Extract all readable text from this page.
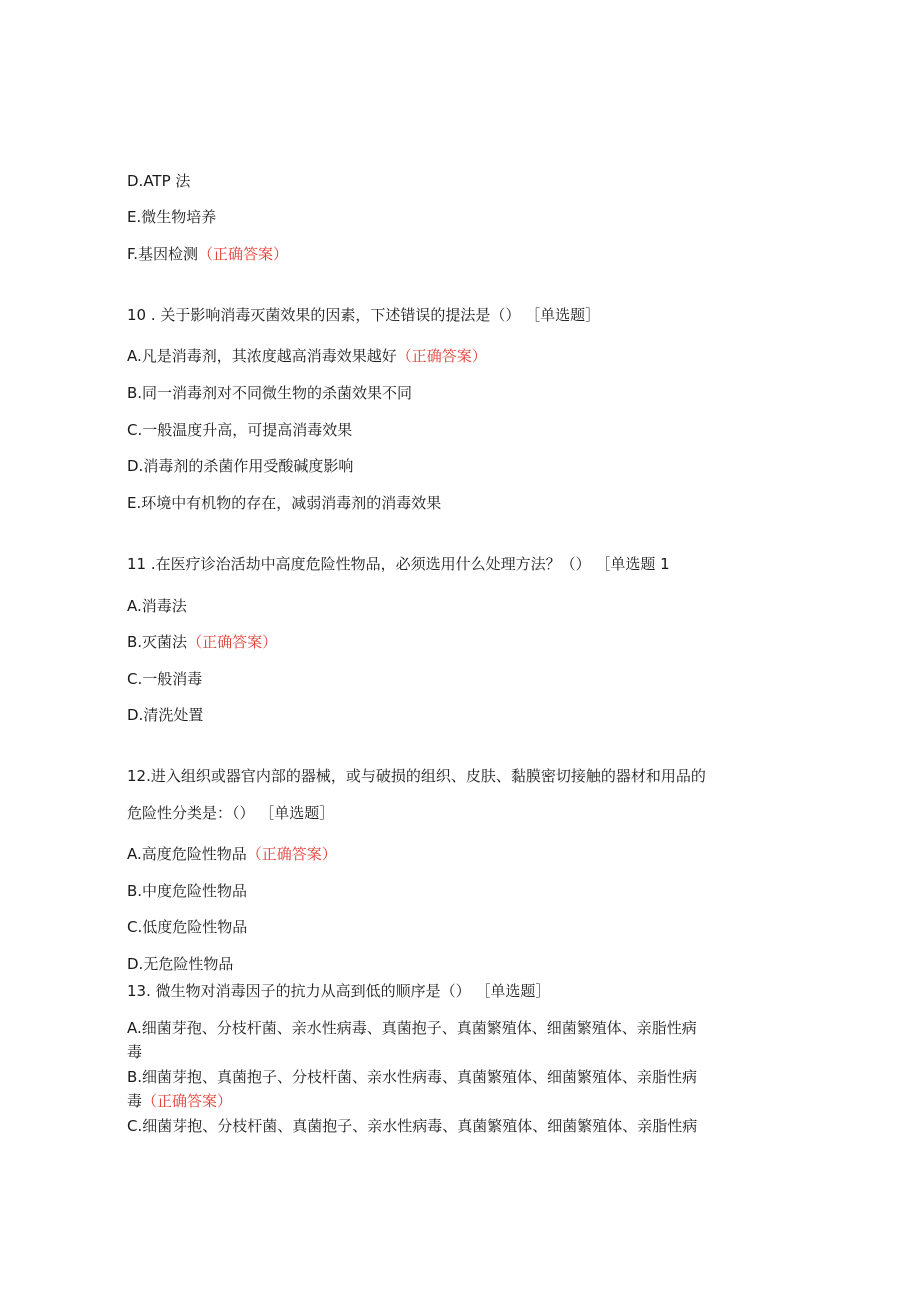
D.ATP 法
E.微生物培养
F.基因检测（正确答案）
10 . 关于影响消毒灭菌效果的因素，下述错误的提法是（） ［单选题］
A.凡是消毒剂，其浓度越高消毒效果越好（正确答案）
B.同一消毒剂对不同微生物的杀菌效果不同
C.一般温度升高，可提高消毒效果
D.消毒剂的杀菌作用受酸碱度影响
E.环境中有机物的存在，减弱消毒剂的消毒效果
11 .在医疗诊治活劫中高度危险性物品，必须选用什么处理方法？（） ［单选题 1
A.消毒法
B.灭菌法（正确答案）
C.一般消毒
D.清洗处置
12.进入组织或器官内部的器械，或与破损的组织、皮肤、黏膜密切接触的器材和用品的
危险性分类是：（） ［单选题］
A.高度危险性物品（正确答案）
B.中度危险性物品
C.低度危险性物品
D.无危险性物品
13. 微生物对消毒因子的抗力从高到低的顺序是（） ［单选题］
A.细菌芽孢、分枝杆菌、亲水性病毒、真菌抱子、真菌繁殖体、细菌繁殖体、亲脂性病
毒
B.细菌芽抱、真菌抱子、分枝杆菌、亲水性病毒、真菌繁殖体、细菌繁殖体、亲脂性病
毒（正确答案）
C.细菌芽抱、分枝杆菌、真菌抱子、亲水性病毒、真菌繁殖体、细菌繁殖体、亲脂性病
